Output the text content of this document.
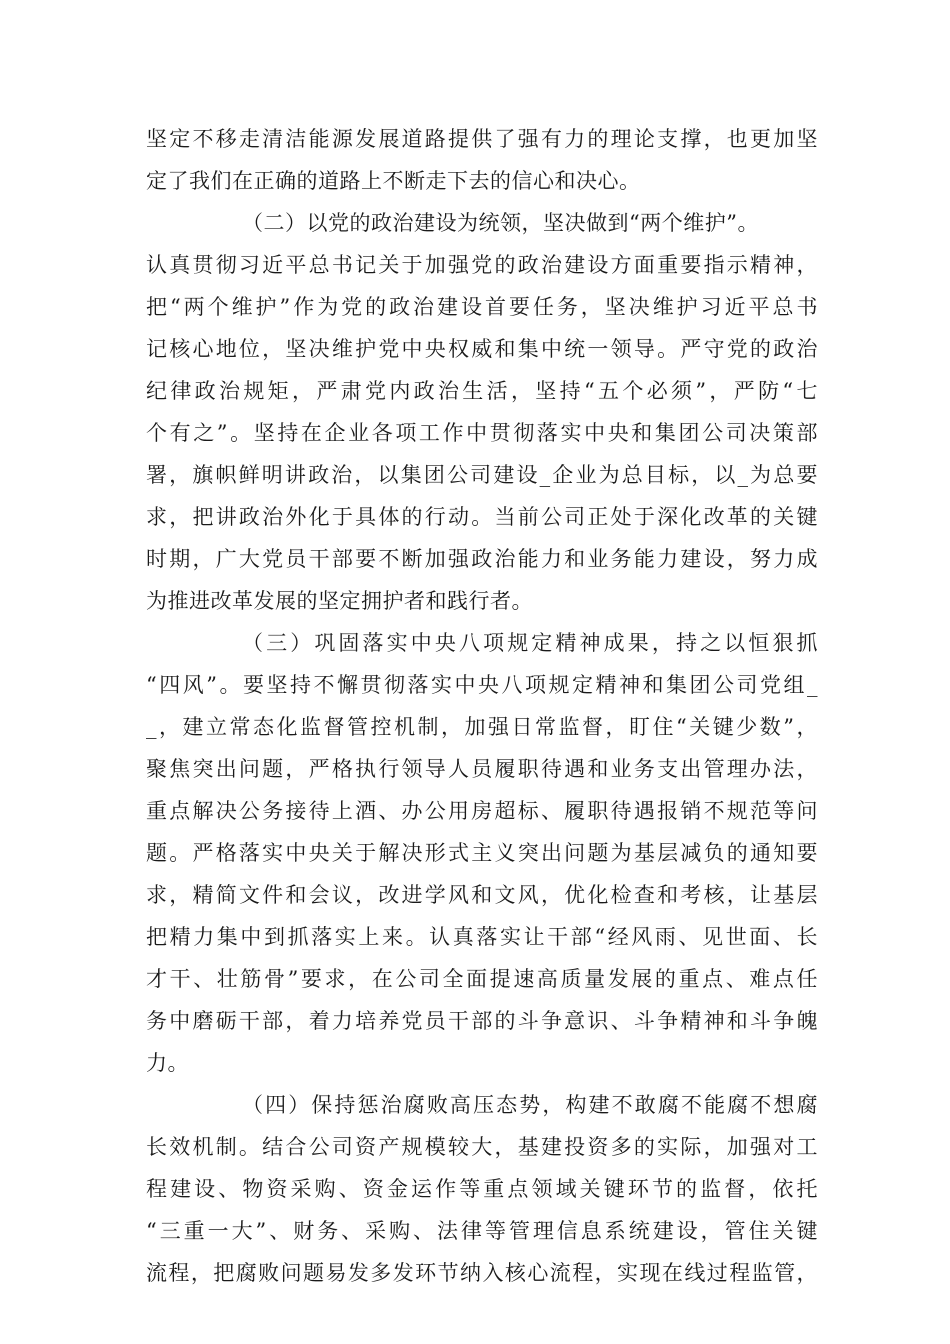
坚定不移走清洁能源发展道路提供了强有力的理论支撑，也更加坚
定了我们在正确的道路上不断走下去的信心和决心。
（二）以党的政治建设为统领，坚决做到“两个维护”。
认真贯彻习近平总书记关于加强党的政治建设方面重要指示精神，
把“两个维护”作为党的政治建设首要任务，坚决维护习近平总书
记核心地位，坚决维护党中央权威和集中统一领导。严守党的政治
纪律政治规矩，严肃党内政治生活，坚持“五个必须”，严防“七
个有之”。坚持在企业各项工作中贯彻落实中央和集团公司决策部
署，旗帜鲜明讲政治，以集团公司建设_企业为总目标，以_为总要
求，把讲政治外化于具体的行动。当前公司正处于深化改革的关键
时期，广大党员干部要不断加强政治能力和业务能力建设，努力成
为推进改革发展的坚定拥护者和践行者。
（三）巩固落实中央八项规定精神成果，持之以恒狠抓
“四风”。要坚持不懈贯彻落实中央八项规定精神和集团公司党组_
_，建立常态化监督管控机制，加强日常监督，盯住“关键少数”，
聚焦突出问题，严格执行领导人员履职待遇和业务支出管理办法，
重点解决公务接待上酒、办公用房超标、履职待遇报销不规范等问
题。严格落实中央关于解决形式主义突出问题为基层减负的通知要
求，精简文件和会议，改进学风和文风，优化检查和考核，让基层
把精力集中到抓落实上来。认真落实让干部“经风雨、见世面、长
才干、壮筋骨”要求，在公司全面提速高质量发展的重点、难点任
务中磨砺干部，着力培养党员干部的斗争意识、斗争精神和斗争魄
力。
（四）保持惩治腐败高压态势，构建不敢腐不能腐不想腐
长效机制。结合公司资产规模较大，基建投资多的实际，加强对工
程建设、物资采购、资金运作等重点领域关键环节的监督，依托
“三重一大”、财务、采购、法律等管理信息系统建设，管住关键
流程，把腐败问题易发多发环节纳入核心流程，实现在线过程监管，
